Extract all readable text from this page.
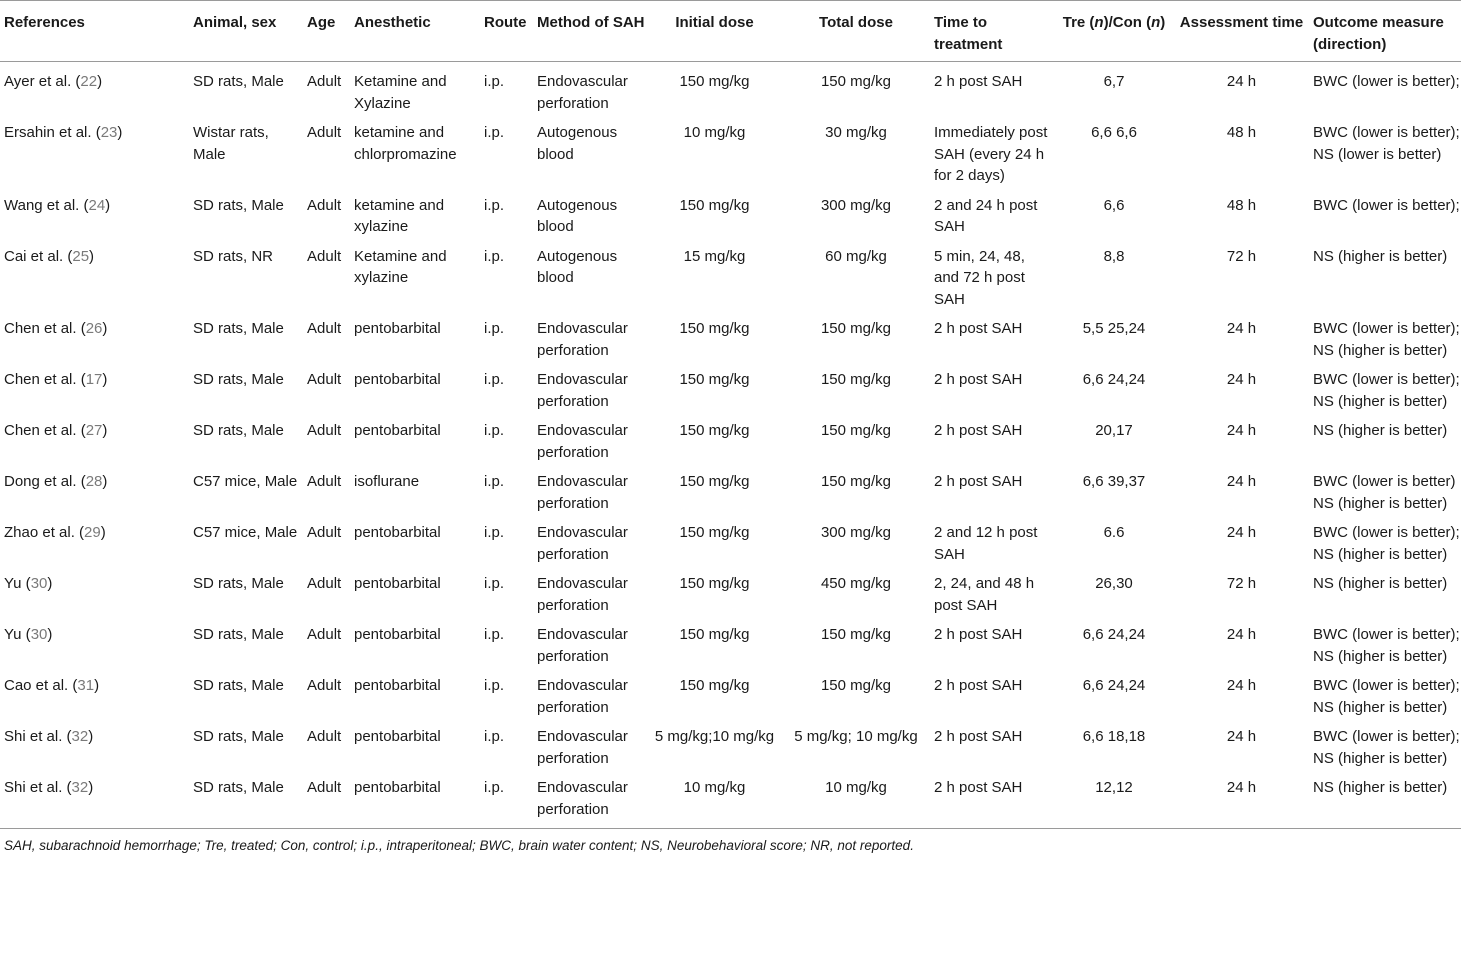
References	Animal, sex	Age	Anesthetic	Route	Method of SAH	Initial dose	Total dose	Time to treatment	Tre (n)/Con (n)	Assessment time	Outcome measure (direction)
Ayer et al. (22)	SD rats, Male	Adult	Ketamine and Xylazine	i.p.	Endovascular perforation	150 mg/kg	150 mg/kg	2 h post SAH	6,7	24 h	BWC (lower is better);
Ersahin et al. (23)	Wistar rats, Male	Adult	ketamine and chlorpromazine	i.p.	Autogenous blood	10 mg/kg	30 mg/kg	Immediately post SAH (every 24 h for 2 days)	6,6 6,6	48 h	BWC (lower is better); NS (lower is better)
Wang et al. (24)	SD rats, Male	Adult	ketamine and xylazine	i.p.	Autogenous blood	150 mg/kg	300 mg/kg	2 and 24 h post SAH	6,6	48 h	BWC (lower is better);
Cai et al. (25)	SD rats, NR	Adult	Ketamine and xylazine	i.p.	Autogenous blood	15 mg/kg	60 mg/kg	5 min, 24, 48, and 72 h post SAH	8,8	72 h	NS (higher is better)
Chen et al. (26)	SD rats, Male	Adult	pentobarbital	i.p.	Endovascular perforation	150 mg/kg	150 mg/kg	2 h post SAH	5,5 25,24	24 h	BWC (lower is better); NS (higher is better)
Chen et al. (17)	SD rats, Male	Adult	pentobarbital	i.p.	Endovascular perforation	150 mg/kg	150 mg/kg	2 h post SAH	6,6 24,24	24 h	BWC (lower is better); NS (higher is better)
Chen et al. (27)	SD rats, Male	Adult	pentobarbital	i.p.	Endovascular perforation	150 mg/kg	150 mg/kg	2 h post SAH	20,17	24 h	NS (higher is better)
Dong et al. (28)	C57 mice, Male	Adult	isoflurane	i.p.	Endovascular perforation	150 mg/kg	150 mg/kg	2 h post SAH	6,6 39,37	24 h	BWC (lower is better) NS (higher is better)
Zhao et al. (29)	C57 mice, Male	Adult	pentobarbital	i.p.	Endovascular perforation	150 mg/kg	300 mg/kg	2 and 12 h post SAH	6.6	24 h	BWC (lower is better); NS (higher is better)
Yu (30)	SD rats, Male	Adult	pentobarbital	i.p.	Endovascular perforation	150 mg/kg	450 mg/kg	2, 24, and 48 h post SAH	26,30	72 h	NS (higher is better)
Yu (30)	SD rats, Male	Adult	pentobarbital	i.p.	Endovascular perforation	150 mg/kg	150 mg/kg	2 h post SAH	6,6 24,24	24 h	BWC (lower is better); NS (higher is better)
Cao et al. (31)	SD rats, Male	Adult	pentobarbital	i.p.	Endovascular perforation	150 mg/kg	150 mg/kg	2 h post SAH	6,6 24,24	24 h	BWC (lower is better); NS (higher is better)
Shi et al. (32)	SD rats, Male	Adult	pentobarbital	i.p.	Endovascular perforation	5 mg/kg;10 mg/kg	5 mg/kg; 10 mg/kg	2 h post SAH	6,6 18,18	24 h	BWC (lower is better); NS (higher is better)
Shi et al. (32)	SD rats, Male	Adult	pentobarbital	i.p.	Endovascular perforation	10 mg/kg	10 mg/kg	2 h post SAH	12,12	24 h	NS (higher is better)
SAH, subarachnoid hemorrhage; Tre, treated; Con, control; i.p., intraperitoneal; BWC, brain water content; NS, Neurobehavioral score; NR, not reported.
